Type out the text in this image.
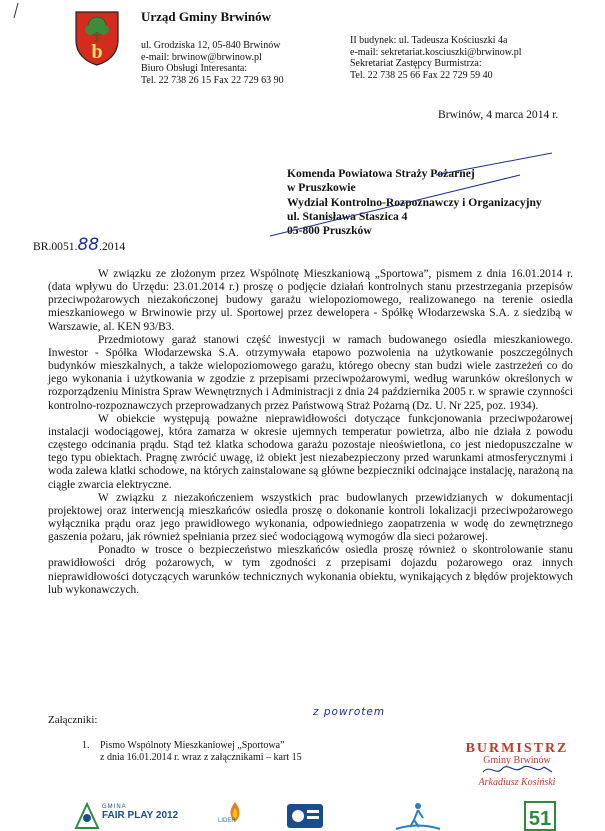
b
Urząd Gminy Brwinów
ul. Grodziska 12, 05-840 Brwinów
e-mail: brwinow@brwinow.pl
Biuro Obsługi Interesanta:
Tel. 22 738 26 15 Fax 22 729 63 90
II budynek: ul. Tadeusza Kościuszki 4a
e-mail: sekretariat.kosciuszki@brwinow.pl
Sekretariat Zastępcy Burmistrza:
Tel. 22 738 25 66 Fax 22 729 59 40
Brwinów, 4 marca 2014 r.
Komenda Powiatowa Straży Pożarnej
w Pruszkowie
Wydział Kontrolno-Rozpoznawczy i Organizacyjny
ul. Stanisława Staszica 4
05-800 Pruszków
BR.0051.88.2014

W związku ze złożonym przez Wspólnotę Mieszkaniową „Sportowa”, pismem z dnia 16.01.2014 r. (data wpływu do Urzędu: 23.01.2014 r.) proszę o podjęcie działań kontrolnych stanu przestrzegania przepisów przeciwpożarowych niezakończonej budowy garażu wielopoziomowego, realizowanego na terenie osiedla mieszkaniowego w Brwinowie przy ul. Sportowej przez dewelopera - Spółkę Włodarzewska S.A. z siedzibą w Warszawie, al. KEN 93/B3.

Przedmiotowy garaż stanowi część inwestycji w ramach budowanego osiedla mieszkaniowego. Inwestor - Spółka Włodarzewska S.A. otrzymywała etapowo pozwolenia na użytkowanie poszczególnych budynków mieszkalnych, a także wielopoziomowego garażu, którego obecny stan budzi wiele zastrzeżeń co do jego wykonania i użytkowania w zgodzie z przepisami przeciwpożarowymi, według warunków określonych w rozporządzeniu Ministra Spraw Wewnętrznych i Administracji z dnia 24 października 2005 r. w sprawie czynności kontrolno-rozpoznawczych przeprowadzanych przez Państwową Straż Pożarną (Dz. U. Nr 225, poz. 1934).

W obiekcie występują poważne nieprawidłowości dotyczące funkcjonowania przeciwpożarowej instalacji wodociągowej, która zamarza w okresie ujemnych temperatur powietrza, albo nie działa z powodu częstego odcinania prądu. Stąd też klatka schodowa garażu pozostaje nieoświetlona, co jest niedopuszczalne w tego typu obiektach. Pragnę zwrócić uwagę, iż obiekt jest niezabezpieczony przed warunkami atmosferycznymi i woda zalewa klatki schodowe, na których zainstalowane są główne bezpieczniki odcinające instalację, narażoną na ciągłe zwarcia elektryczne.

W związku z niezakończeniem wszystkich prac budowlanych przewidzianych w dokumentacji projektowej oraz interwencją mieszkańców osiedla proszę o dokonanie kontroli lokalizacji przeciwpożarowego wyłącznika prądu oraz jego prawidłowego wykonania, odpowiedniego zaopatrzenia w wodę do zewnętrznego gaszenia pożaru, jak również spełniania przez sieć wodociągową wymogów dla sieci pożarowej.

Ponadto w trosce o bezpieczeństwo mieszkańców osiedla proszę również o skontrolowanie stanu prawidłowości dróg pożarowych, w tym zgodności z przepisami dojazdu pożarowego oraz innych nieprawidłowości dotyczących warunków technicznych wykonania obiektu, wynikających z błędów projektowych lub wykonawczych.

z powrotem
Załączniki:
1. Pismo Wspólnoty Mieszkaniowej „Sportowa”
z dnia 16.01.2014 r. wraz z załącznikami – kart 15
BURMISTRZ
Gminy Brwinów
Arkadiusz Kosiński
GMINA
FAIR PLAY 2012	LIDER	51
